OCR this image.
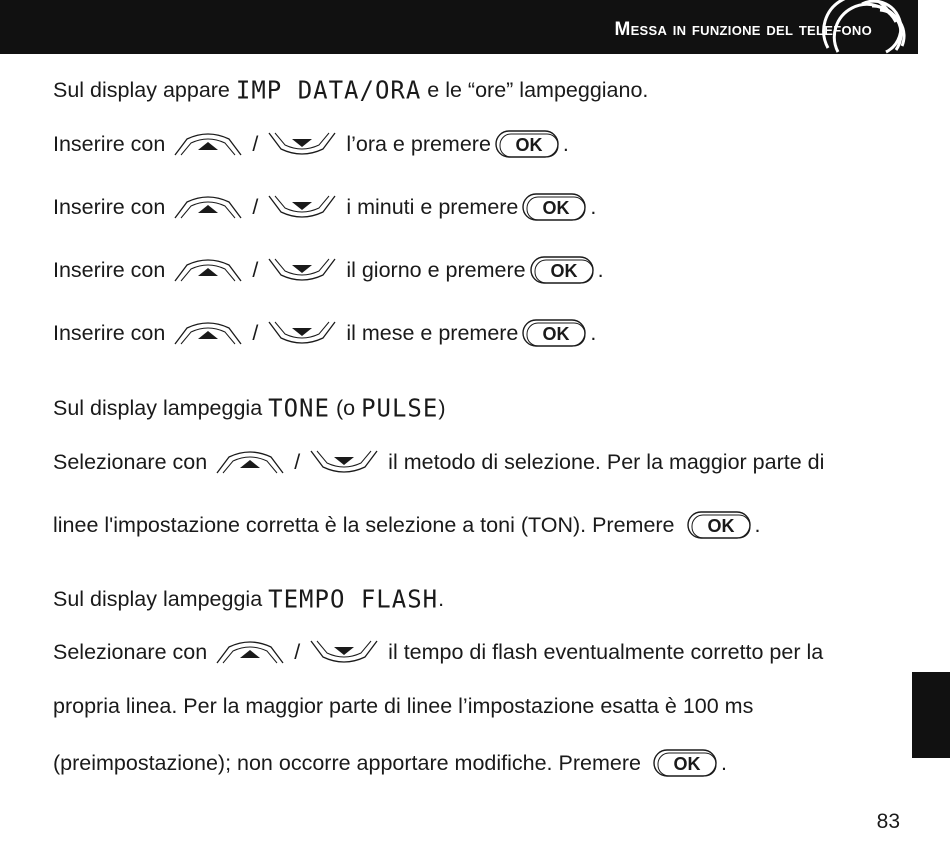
Messa in funzione del telefono
Sul display appare IMP DATA/ORA e le “ore” lampeggiano.
Inserire con	/	l’ora e premere OK .
Inserire con	/	i minuti e premere OK .
Inserire con	/	il giorno e premere OK .
Inserire con	/	il mese e premere OK .
Sul display lampeggia TONE (o PULSE )
Selezionare con	/	il metodo di selezione. Per la maggior parte di
linee l'impostazione corretta è la selezione a toni (TON). Premere OK .
Sul display lampeggia TEMPO FLASH .
Selezionare con	/	il tempo di flash eventualmente corretto per la
propria linea. Per la maggior parte di linee l’impostazione esatta è 100 ms
(preimpostazione); non occorre apportare modifiche. Premere OK .
83
